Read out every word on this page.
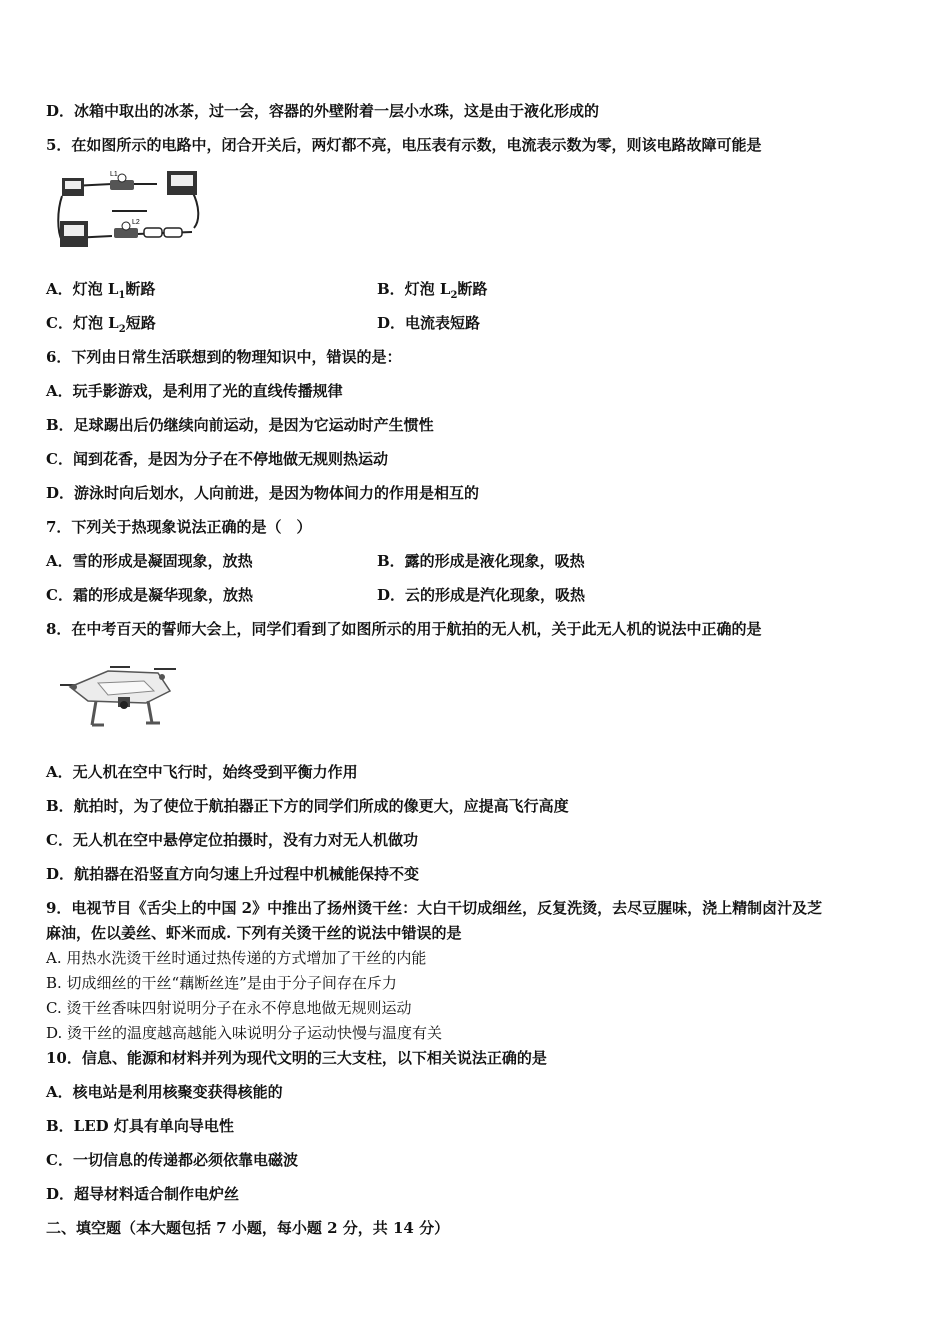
D．冰箱中取出的冰茶，过一会，容器的外壁附着一层小水珠，这是由于液化形成的
5．在如图所示的电路中，闭合开关后，两灯都不亮，电压表有示数，电流表示数为零，则该电路故障可能是
L1
L2
A．灯泡 $L_1$断路	B．灯泡 $L_2$断路
C．灯泡 $L_2$短路	D．电流表短路
6．下列由日常生活联想到的物理知识中，错误的是：
A．玩手影游戏，是利用了光的直线传播规律
B．足球踢出后仍继续向前运动，是因为它运动时产生惯性
C．闻到花香，是因为分子在不停地做无规则热运动
D．游泳时向后划水，人向前进，是因为物体间力的作用是相互的
7．下列关于热现象说法正确的是（　）
A．雪的形成是凝固现象，放热	B．露的形成是液化现象，吸热
C．霜的形成是凝华现象，放热	D．云的形成是汽化现象，吸热
8．在中考百天的誓师大会上，同学们看到了如图所示的用于航拍的无人机，关于此无人机的说法中正确的是
A．无人机在空中飞行时，始终受到平衡力作用
B．航拍时，为了使位于航拍器正下方的同学们所成的像更大，应提高飞行高度
C．无人机在空中悬停定位拍摄时，没有力对无人机做功
D．航拍器在沿竖直方向匀速上升过程中机械能保持不变
9．电视节目《舌尖上的中国 2》中推出了扬州烫干丝：大白干切成细丝，反复洗烫，去尽豆腥味，浇上精制卤汁及芝
麻油，佐以姜丝、虾米而成. 下列有关烫干丝的说法中错误的是
A. 用热水洗烫干丝时通过热传递的方式增加了干丝的内能
B. 切成细丝的干丝“藕断丝连”是由于分子间存在斥力
C. 烫干丝香味四射说明分子在永不停息地做无规则运动
D. 烫干丝的温度越高越能入味说明分子运动快慢与温度有关
10．信息、能源和材料并列为现代文明的三大支柱，以下相关说法正确的是
A．核电站是利用核聚变获得核能的
B．LED 灯具有单向导电性
C．一切信息的传递都必须依靠电磁波
D．超导材料适合制作电炉丝
二、填空题（本大题包括 7 小题，每小题 2 分，共 14 分）
